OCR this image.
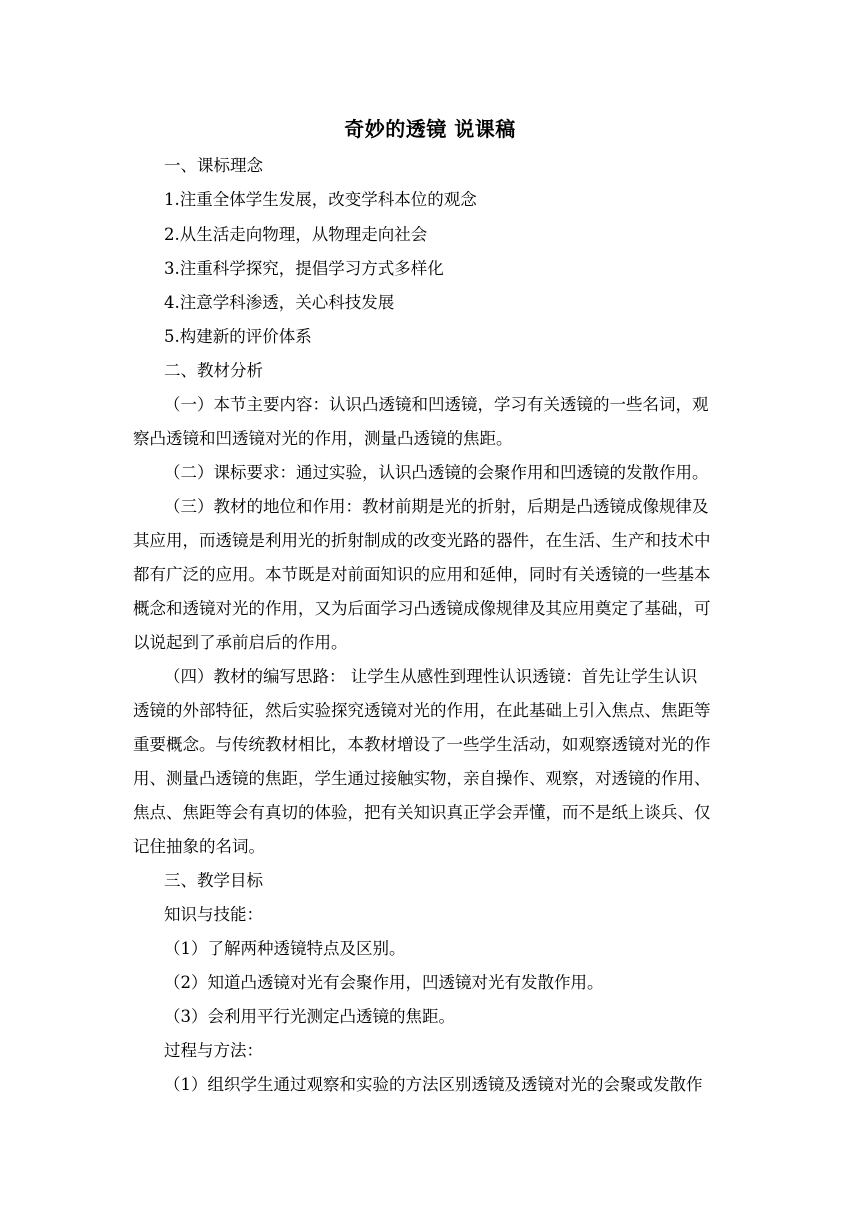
奇妙的透镜 说课稿
一、课标理念
1.注重全体学生发展，改变学科本位的观念
2.从生活走向物理，从物理走向社会
3.注重科学探究，提倡学习方式多样化
4.注意学科渗透，关心科技发展
5.构建新的评价体系
二、教材分析
（一）本节主要内容：认识凸透镜和凹透镜，学习有关透镜的一些名词，观
察凸透镜和凹透镜对光的作用，测量凸透镜的焦距。
（二）课标要求：通过实验，认识凸透镜的会聚作用和凹透镜的发散作用。
（三）教材的地位和作用：教材前期是光的折射，后期是凸透镜成像规律及
其应用，而透镜是利用光的折射制成的改变光路的器件，在生活、生产和技术中
都有广泛的应用。本节既是对前面知识的应用和延伸，同时有关透镜的一些基本
概念和透镜对光的作用，又为后面学习凸透镜成像规律及其应用奠定了基础，可
以说起到了承前启后的作用。
（四）教材的编写思路： 让学生从感性到理性认识透镜：首先让学生认识
透镜的外部特征，然后实验探究透镜对光的作用，在此基础上引入焦点、焦距等
重要概念。与传统教材相比，本教材增设了一些学生活动，如观察透镜对光的作
用、测量凸透镜的焦距，学生通过接触实物，亲自操作、观察，对透镜的作用、
焦点、焦距等会有真切的体验，把有关知识真正学会弄懂，而不是纸上谈兵、仅
记住抽象的名词。
三、教学目标
知识与技能：
（1）了解两种透镜特点及区别。
（2）知道凸透镜对光有会聚作用，凹透镜对光有发散作用。
（3）会利用平行光测定凸透镜的焦距。
过程与方法：
（1）组织学生通过观察和实验的方法区别透镜及透镜对光的会聚或发散作
